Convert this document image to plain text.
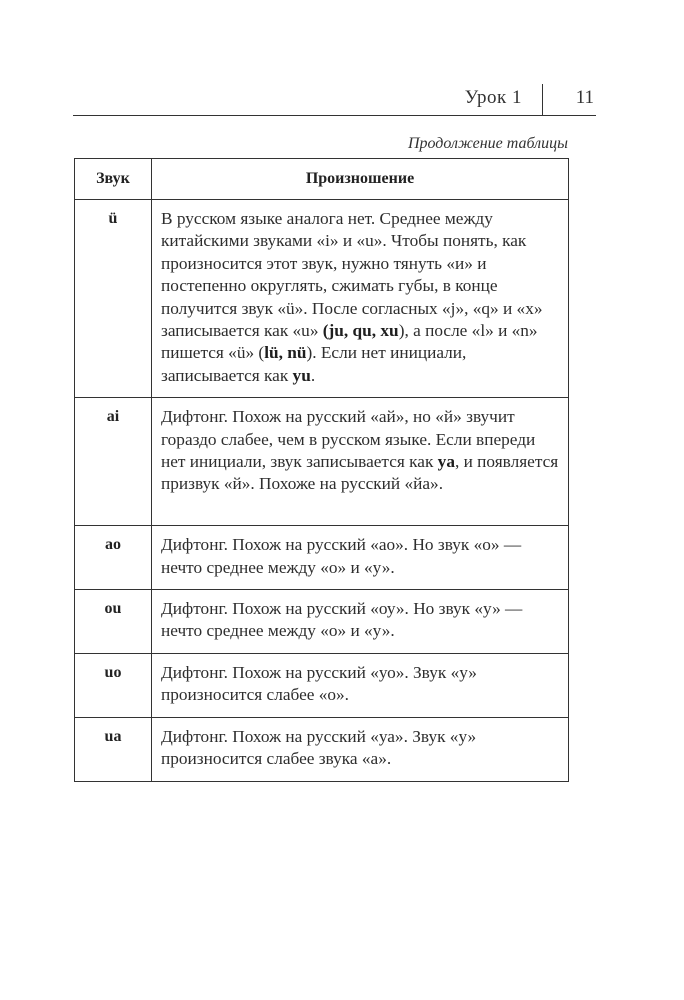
Урок 1	11
Продолжение таблицы
Звук	Произношение
ü	В русском языке аналога нет. Среднее между китайскими звуками «i» и «u». Чтобы понять, как произносится этот звук, нужно тянуть «и» и постепенно округлять, сжимать губы, в конце получится звук «ü». После согласных «j», «q» и «x» записывается как «u» (ju, qu, xu), а после «l» и «n» пишется «ü» (lü, nü). Если нет инициали, записывается как yu.
ai	Дифтонг. Похож на русский «ай», но «й» звучит гораздо слабее, чем в русском языке. Если впереди нет инициали, звук записывается как ya, и появляется призвук «й». Похоже на русский «йа».
ao	Дифтонг. Похож на русский «ао». Но звук «о» — нечто среднее между «о» и «у».
ou	Дифтонг. Похож на русский «оу». Но звук «у» — нечто среднее между «о» и «у».
uo	Дифтонг. Похож на русский «уо». Звук «у» произносится слабее «о».
ua	Дифтонг. Похож на русский «уа». Звук «у» произносится слабее звука «а».
